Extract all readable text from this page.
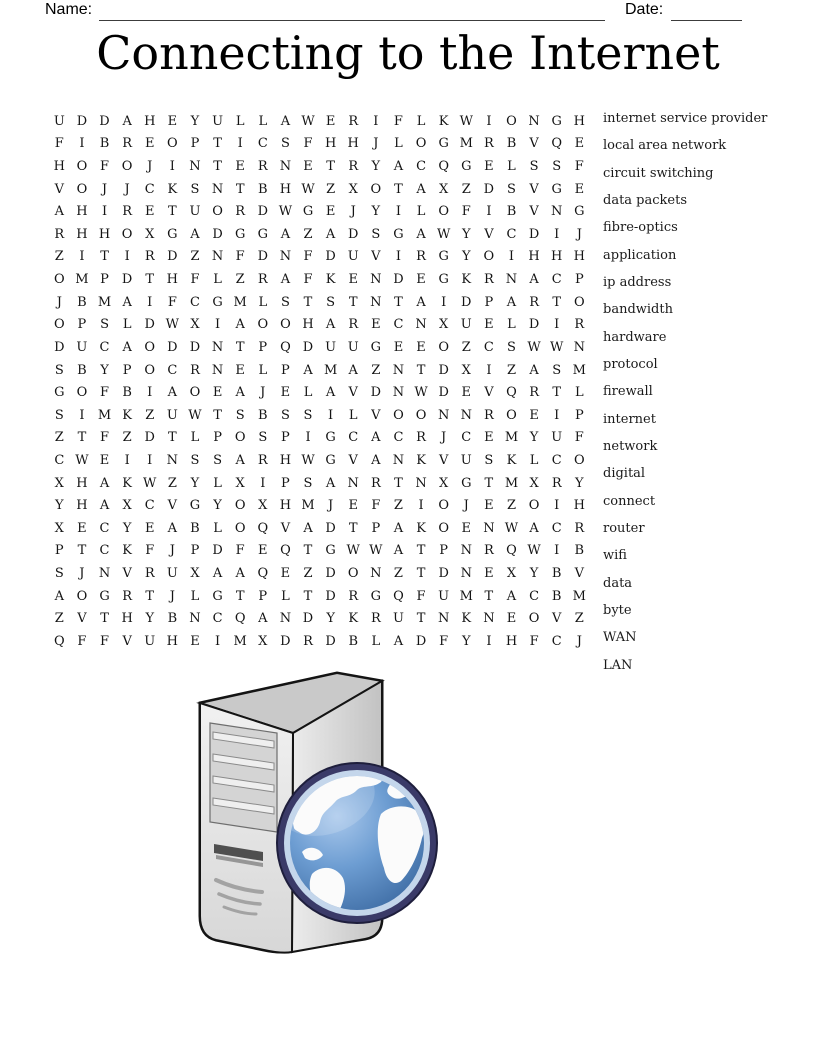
Name:	Date:
Connecting to the Internet
U D D A H E	Y U L	L	A W E R	I	F	L	K W	I	O N G H
F	I	B R E O P	T	I	C	S	F H H	J	L O G M R B	V Q E
H O F O	J	I	N T	E R N E	T	R	Y	A C Q G E	L	S	S	F
V O	J	J	C K	S N T	B H W Z	X O T	A	X	Z D S	V G E
A H	I	R E	T U O R D W G E	J	Y	I	L O F	I	B	V N G
R H H O X G A D G G A	Z	A D S G A W Y	V C D	I	J
Z	I	T	I	R D Z N F D N F D U V	I	R G	Y O	I	H H H
O M P	D	T H F	L	Z	R	A	F	K	E N D E G K R N A C	P
J	B M A	I	F	C G M L	S	T	S	T N T	A	I	D	P	A	R	T O
O P	S	L	D W X	I	A O O H A	R E C N X U E	L	D	I	R
D U C A O D D N T	P Q D U U G E	E O Z	C	S W W N
S	B	Y	P O C R N E	L	P	A M A	Z N T	D X	I	Z	A	S M
G O F	B	I	A O E	A	J	E	L	A	V D N W D E	V Q R	T	L
S	I	M K	Z U W T	S	B	S	S	I	L	V O O N N R O E	I	P
Z	T	F	Z D	T	L	P O S	P	I	G C A C R	J	C E M Y U F
C W E	I	I	N S	S	A	R H W G V	A N K	V U S	K	L	C O
X H A	K W Z	Y	L	X	I	P	S	A N R	T N X G	T M X	R	Y
Y H A	X	C V G	Y O X H M	J	E	F	Z	I	O	J	E	Z O	I	H
X	E C	Y	E	A	B	L O Q V	A D	T	P	A	K O E N W A C R
P	T	C K	F	J	P	D F	E Q T	G W W A	T	P N R Q W	I	B
S	J	N V	R U X	A	A Q E	Z D O N Z	T	D N E	X	Y	B	V
A O G R	T	J	L	G	T	P	L	T	D R G Q F U M T	A C B M
Z	V	T H Y	B N C Q A N D	Y	K R U T N K N E O V	Z
Q F	F	V U H E	I	M X D R D B	L	A D F	Y	I	H F	C	J
internet service provider
local area network
circuit switching
data packets
fibre-optics
application
ip address
bandwidth
hardware
protocol
firewall
internet
network
digital
connect
router
wifi
data
byte
WAN
LAN
